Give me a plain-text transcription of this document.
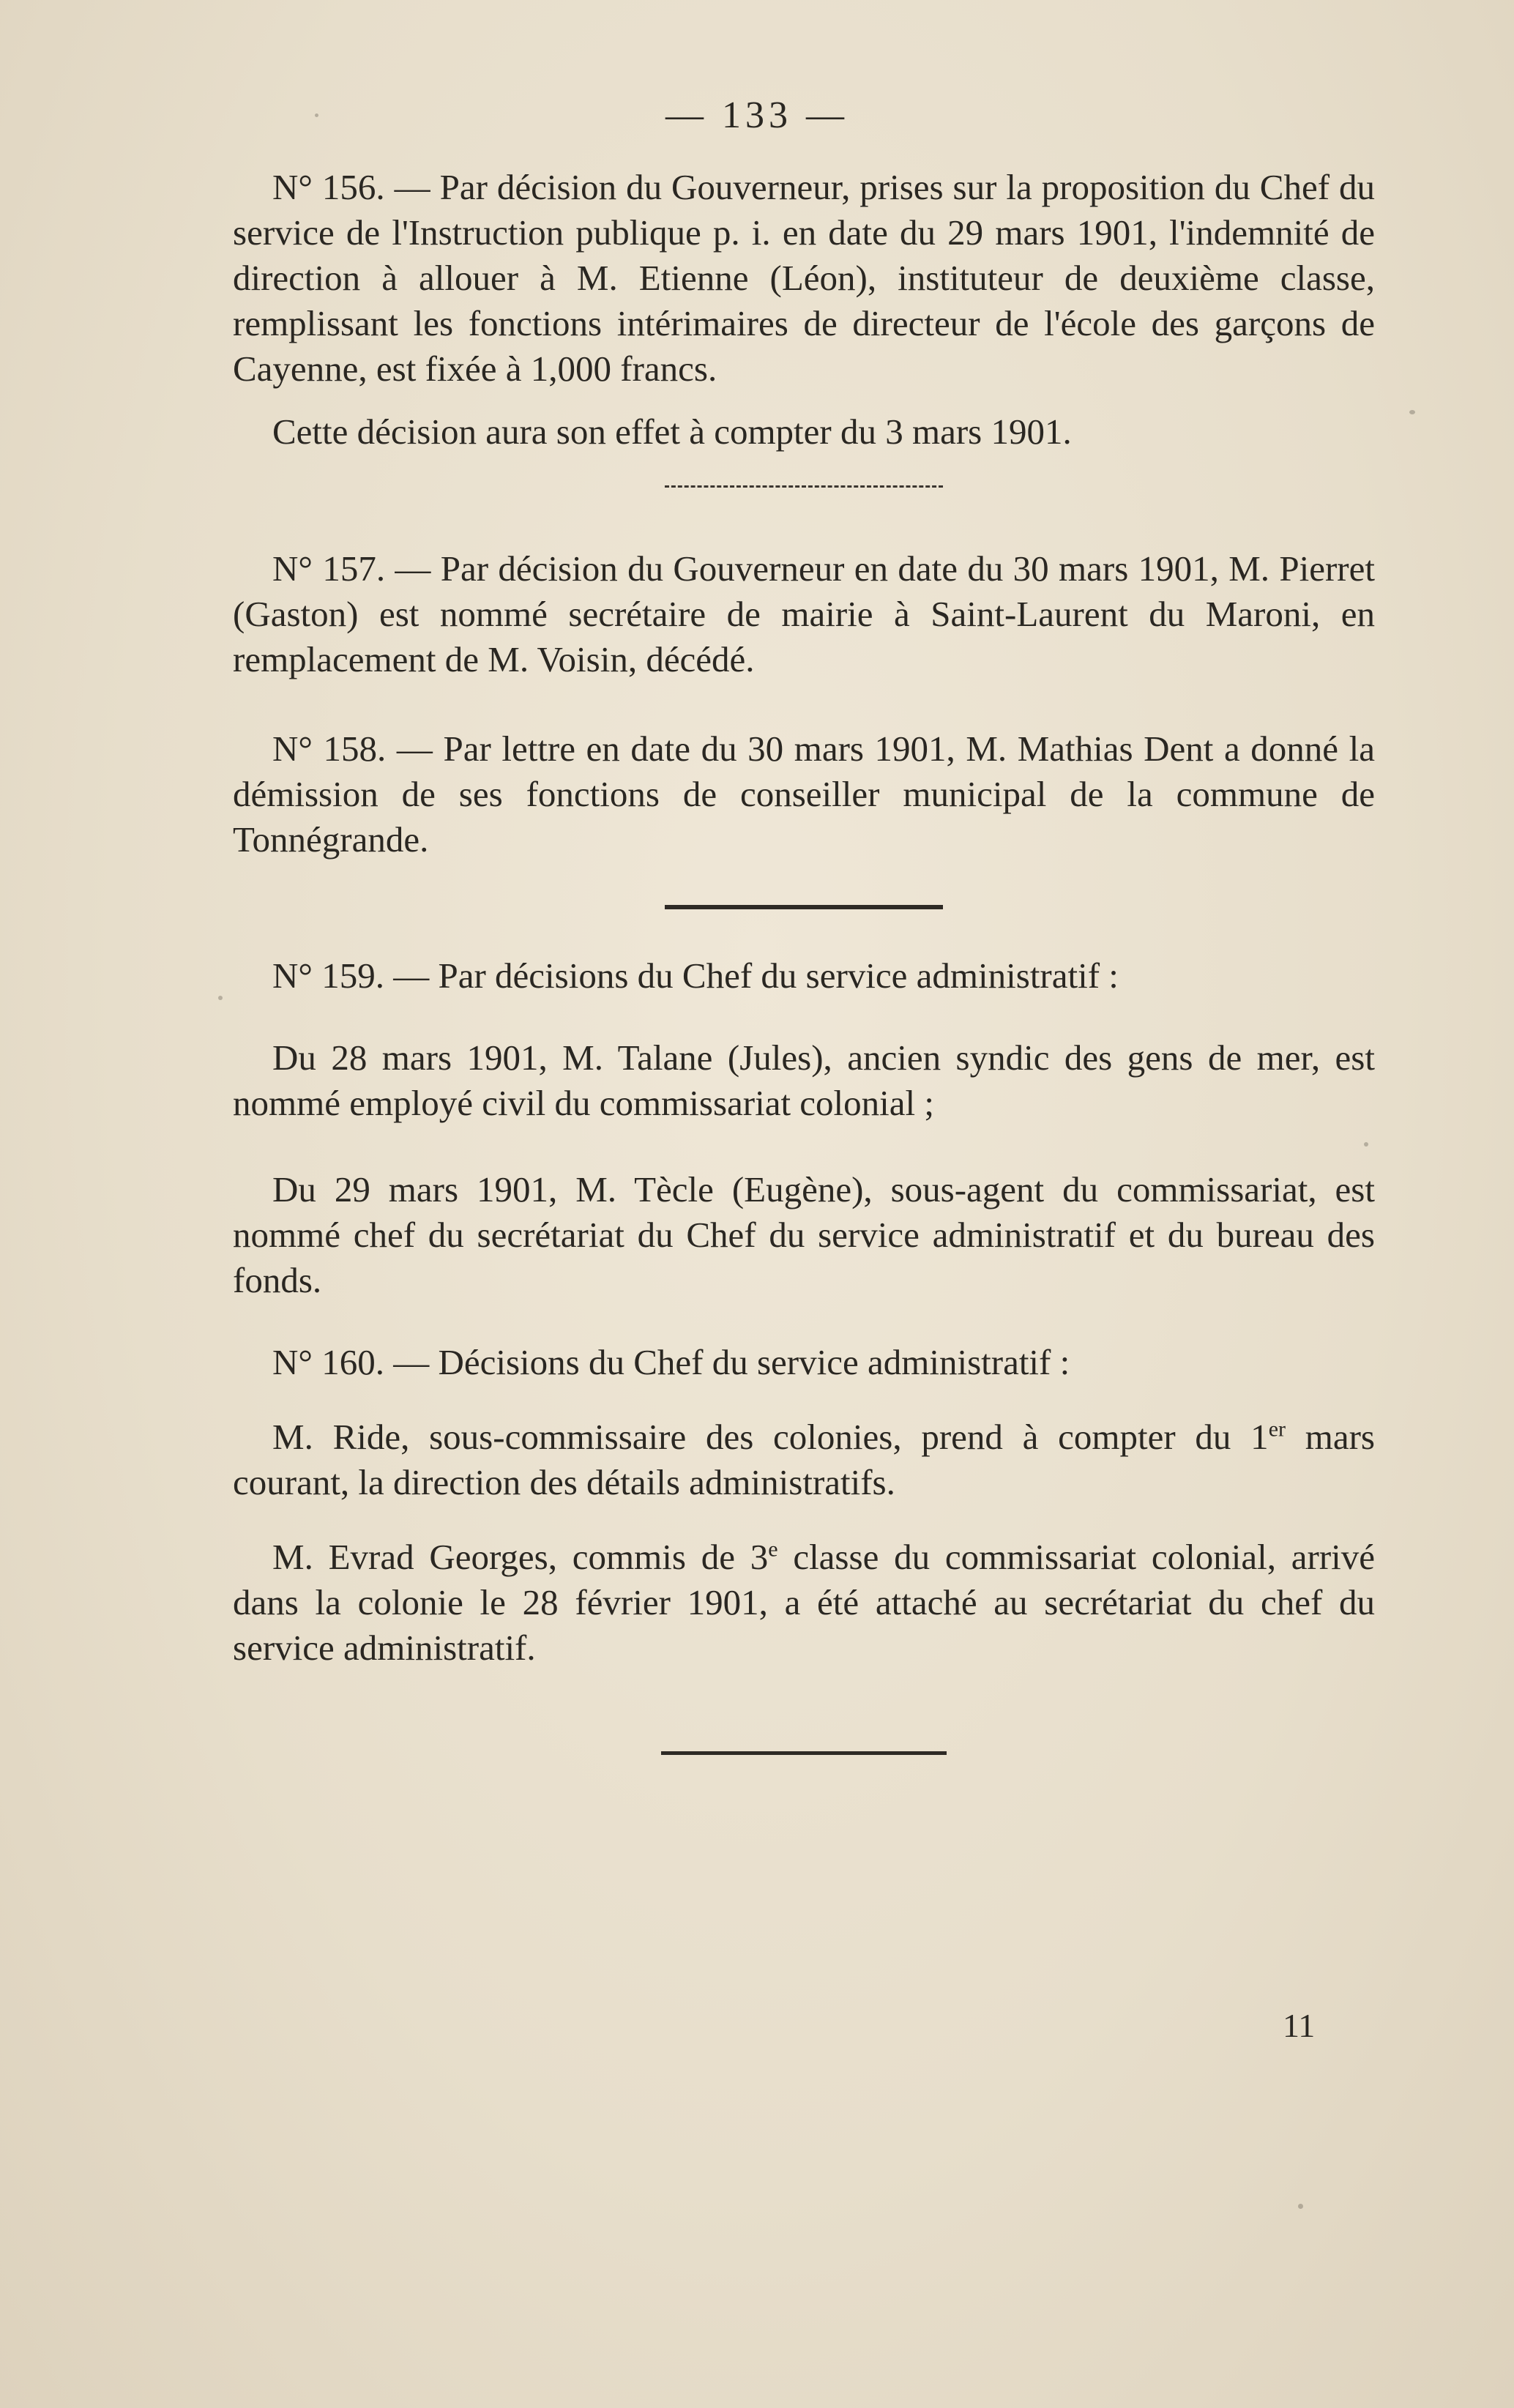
— 133 —

N° 156. — Par décision du Gouverneur, prises sur la proposition du Chef du service de l'Instruction publique p. i. en date du 29 mars 1901, l'indemnité de direction à allouer à M. Etienne (Léon), instituteur de deuxième classe, remplissant les fonctions intérimaires de directeur de l'école des garçons de Cayenne, est fixée à 1,000 francs.

Cette décision aura son effet à compter du 3 mars 1901.

N° 157. — Par décision du Gouverneur en date du 30 mars 1901, M. Pierret (Gaston) est nommé secrétaire de mairie à Saint-Laurent du Maroni, en remplacement de M. Voisin, décédé.

N° 158. — Par lettre en date du 30 mars 1901, M. Mathias Dent a donné la démission de ses fonctions de conseiller municipal de la commune de Tonnégrande.

N° 159. — Par décisions du Chef du service administratif :

Du 28 mars 1901, M. Talane (Jules), ancien syndic des gens de mer, est nommé employé civil du commissariat colonial ;

Du 29 mars 1901, M. Tècle (Eugène), sous-agent du commissariat, est nommé chef du secrétariat du Chef du service administratif et du bureau des fonds.

N° 160. — Décisions du Chef du service administratif :

M. Ride, sous-commissaire des colonies, prend à compter du 1er mars courant, la direction des détails administratifs.

M. Evrad Georges, commis de 3e classe du commissariat colonial, arrivé dans la colonie le 28 février 1901, a été attaché au secrétariat du chef du service administratif.

11
